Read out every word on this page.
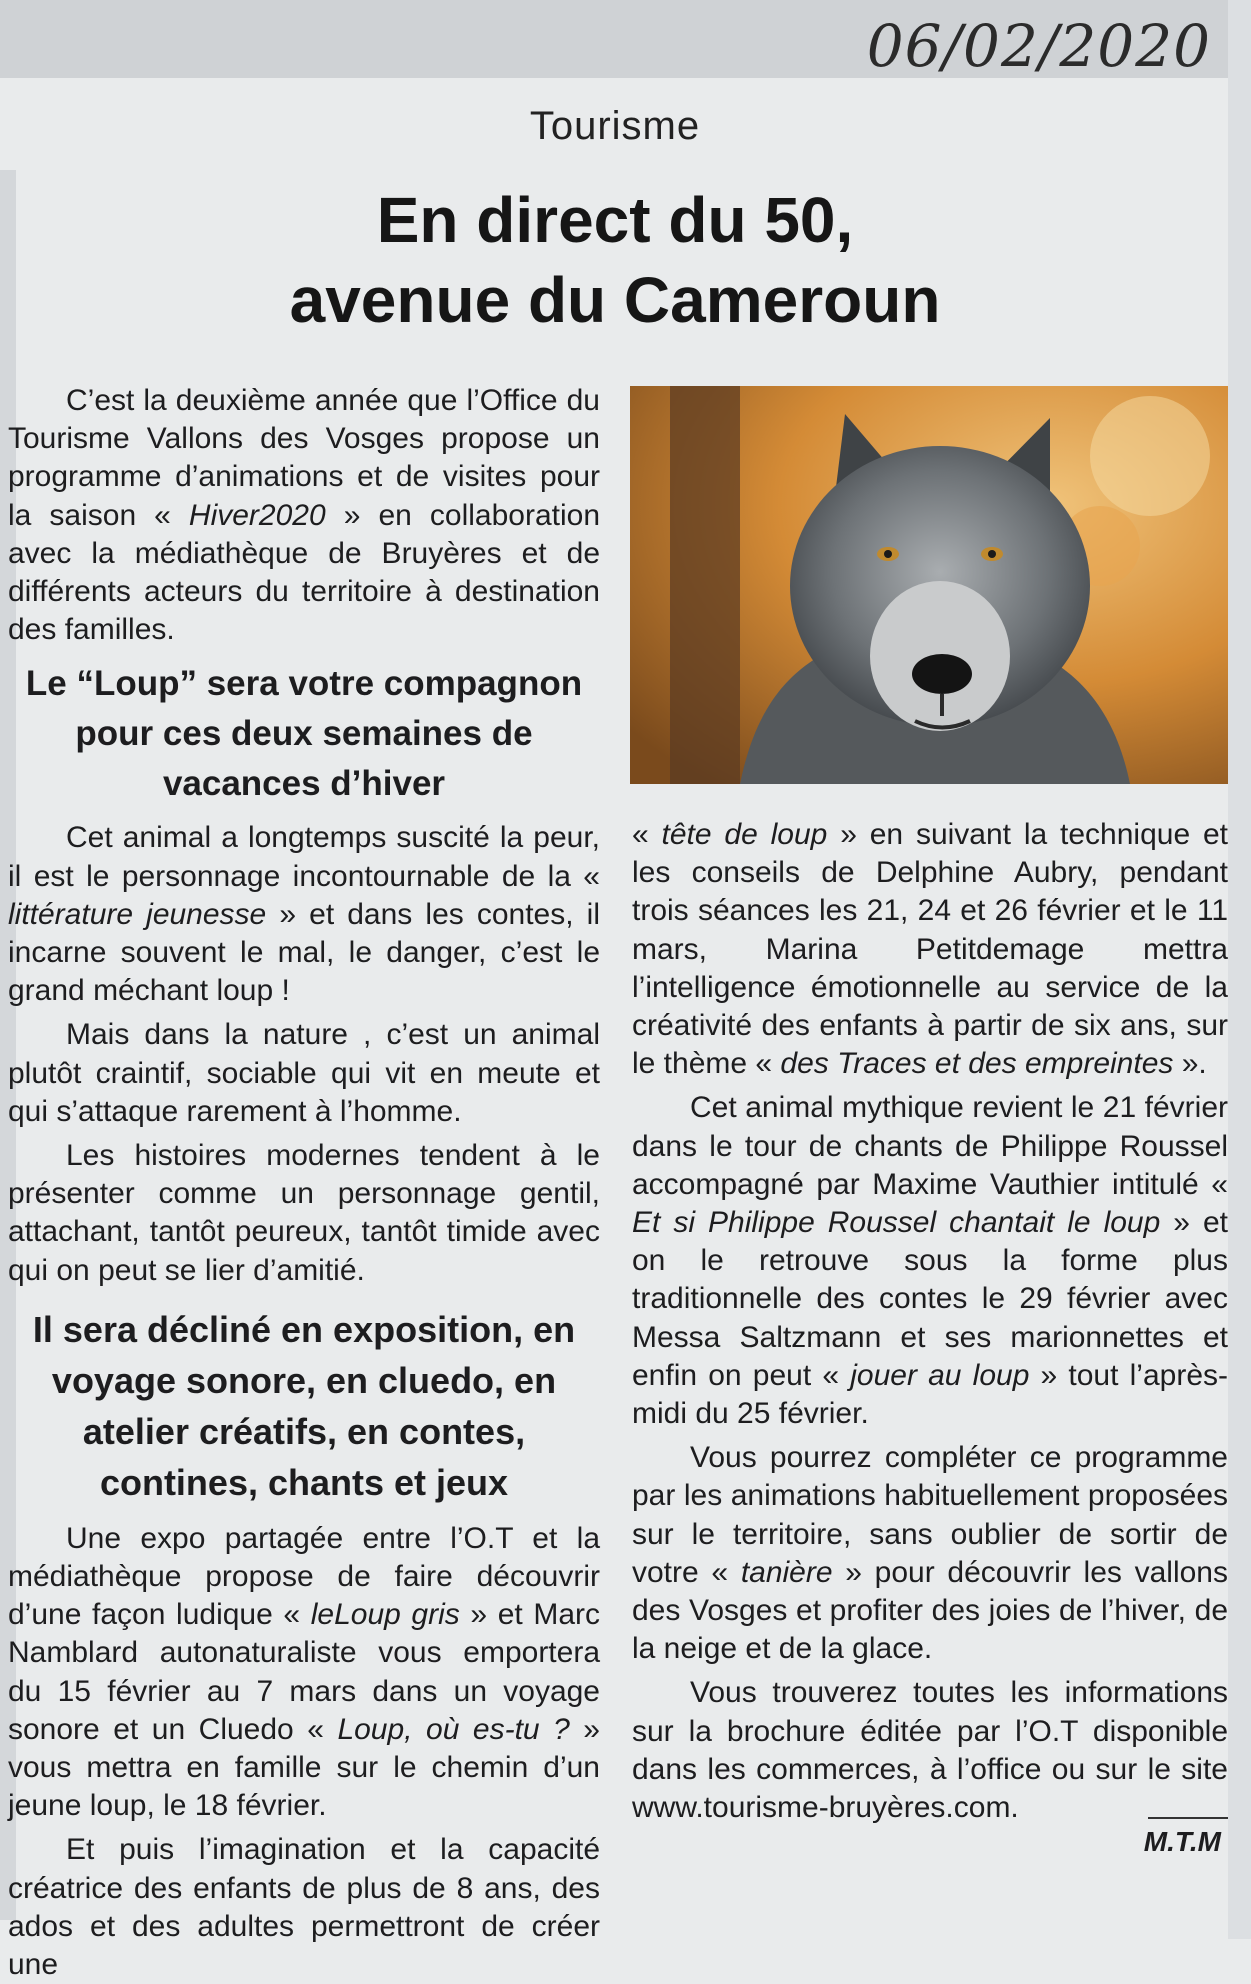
06/02/2020
Tourisme
En direct du 50,
avenue du Cameroun

C’est la deuxième année que l’Office du Tourisme Vallons des Vosges propose un programme d’animations et de visites pour la saison « Hiver2020 » en collaboration avec la médiathèque de Bruyères et de différents acteurs du territoire à destination des familles.

Le “Loup” sera votre compagnon pour ces deux semaines de vacances d’hiver

Cet animal a longtemps suscité la peur, il est le personnage incontournable de la « littérature jeunesse » et dans les contes, il incarne souvent le mal, le danger, c’est le grand méchant loup !

Mais dans la nature , c’est un animal plutôt craintif, sociable qui vit en meute et qui s’attaque rarement à l’homme.

Les histoires modernes tendent à le présenter comme un personnage gentil, attachant, tantôt peureux, tantôt timide avec qui on peut se lier d’amitié.

Il sera décliné en exposition, en voyage sonore, en cluedo, en atelier créatifs, en contes, contines, chants et jeux

Une expo partagée entre l’O.T et la médiathèque propose de faire découvrir d’une façon ludique « leLoup gris » et Marc Namblard autonaturaliste vous emportera du 15 février au 7 mars dans un voyage sonore et un Cluedo « Loup, où es-tu ? » vous mettra en famille sur le chemin d’un jeune loup, le 18 février.

Et puis l’imagination et la capacité créatrice des enfants de plus de 8 ans, des ados et des adultes permettront de créer une

« tête de loup » en suivant la technique et les conseils de Delphine Aubry, pendant trois séances les 21, 24 et 26 février et le 11 mars, Marina Petitdemage mettra l’intelligence émotionnelle au service de la créativité des enfants à partir de six ans, sur le thème « des Traces et des empreintes ».

Cet animal mythique revient le 21 février dans le tour de chants de Philippe Roussel accompagné par Maxime Vauthier intitulé « Et si Philippe Roussel chantait le loup » et on le retrouve sous la forme plus traditionnelle des contes le 29 février avec Messa Saltzmann et ses marionnettes et enfin on peut « jouer au loup » tout l’après-midi du 25 février.

Vous pourrez compléter ce programme par les animations habituellement proposées sur le territoire, sans oublier de sortir de votre « tanière » pour découvrir les vallons des Vosges et profiter des joies de l’hiver, de la neige et de la glace.

Vous trouverez toutes les informations sur la brochure éditée par l’O.T disponible dans les commerces, à l’office ou sur le site www.tourisme-bruyères.com.

M.T.M
